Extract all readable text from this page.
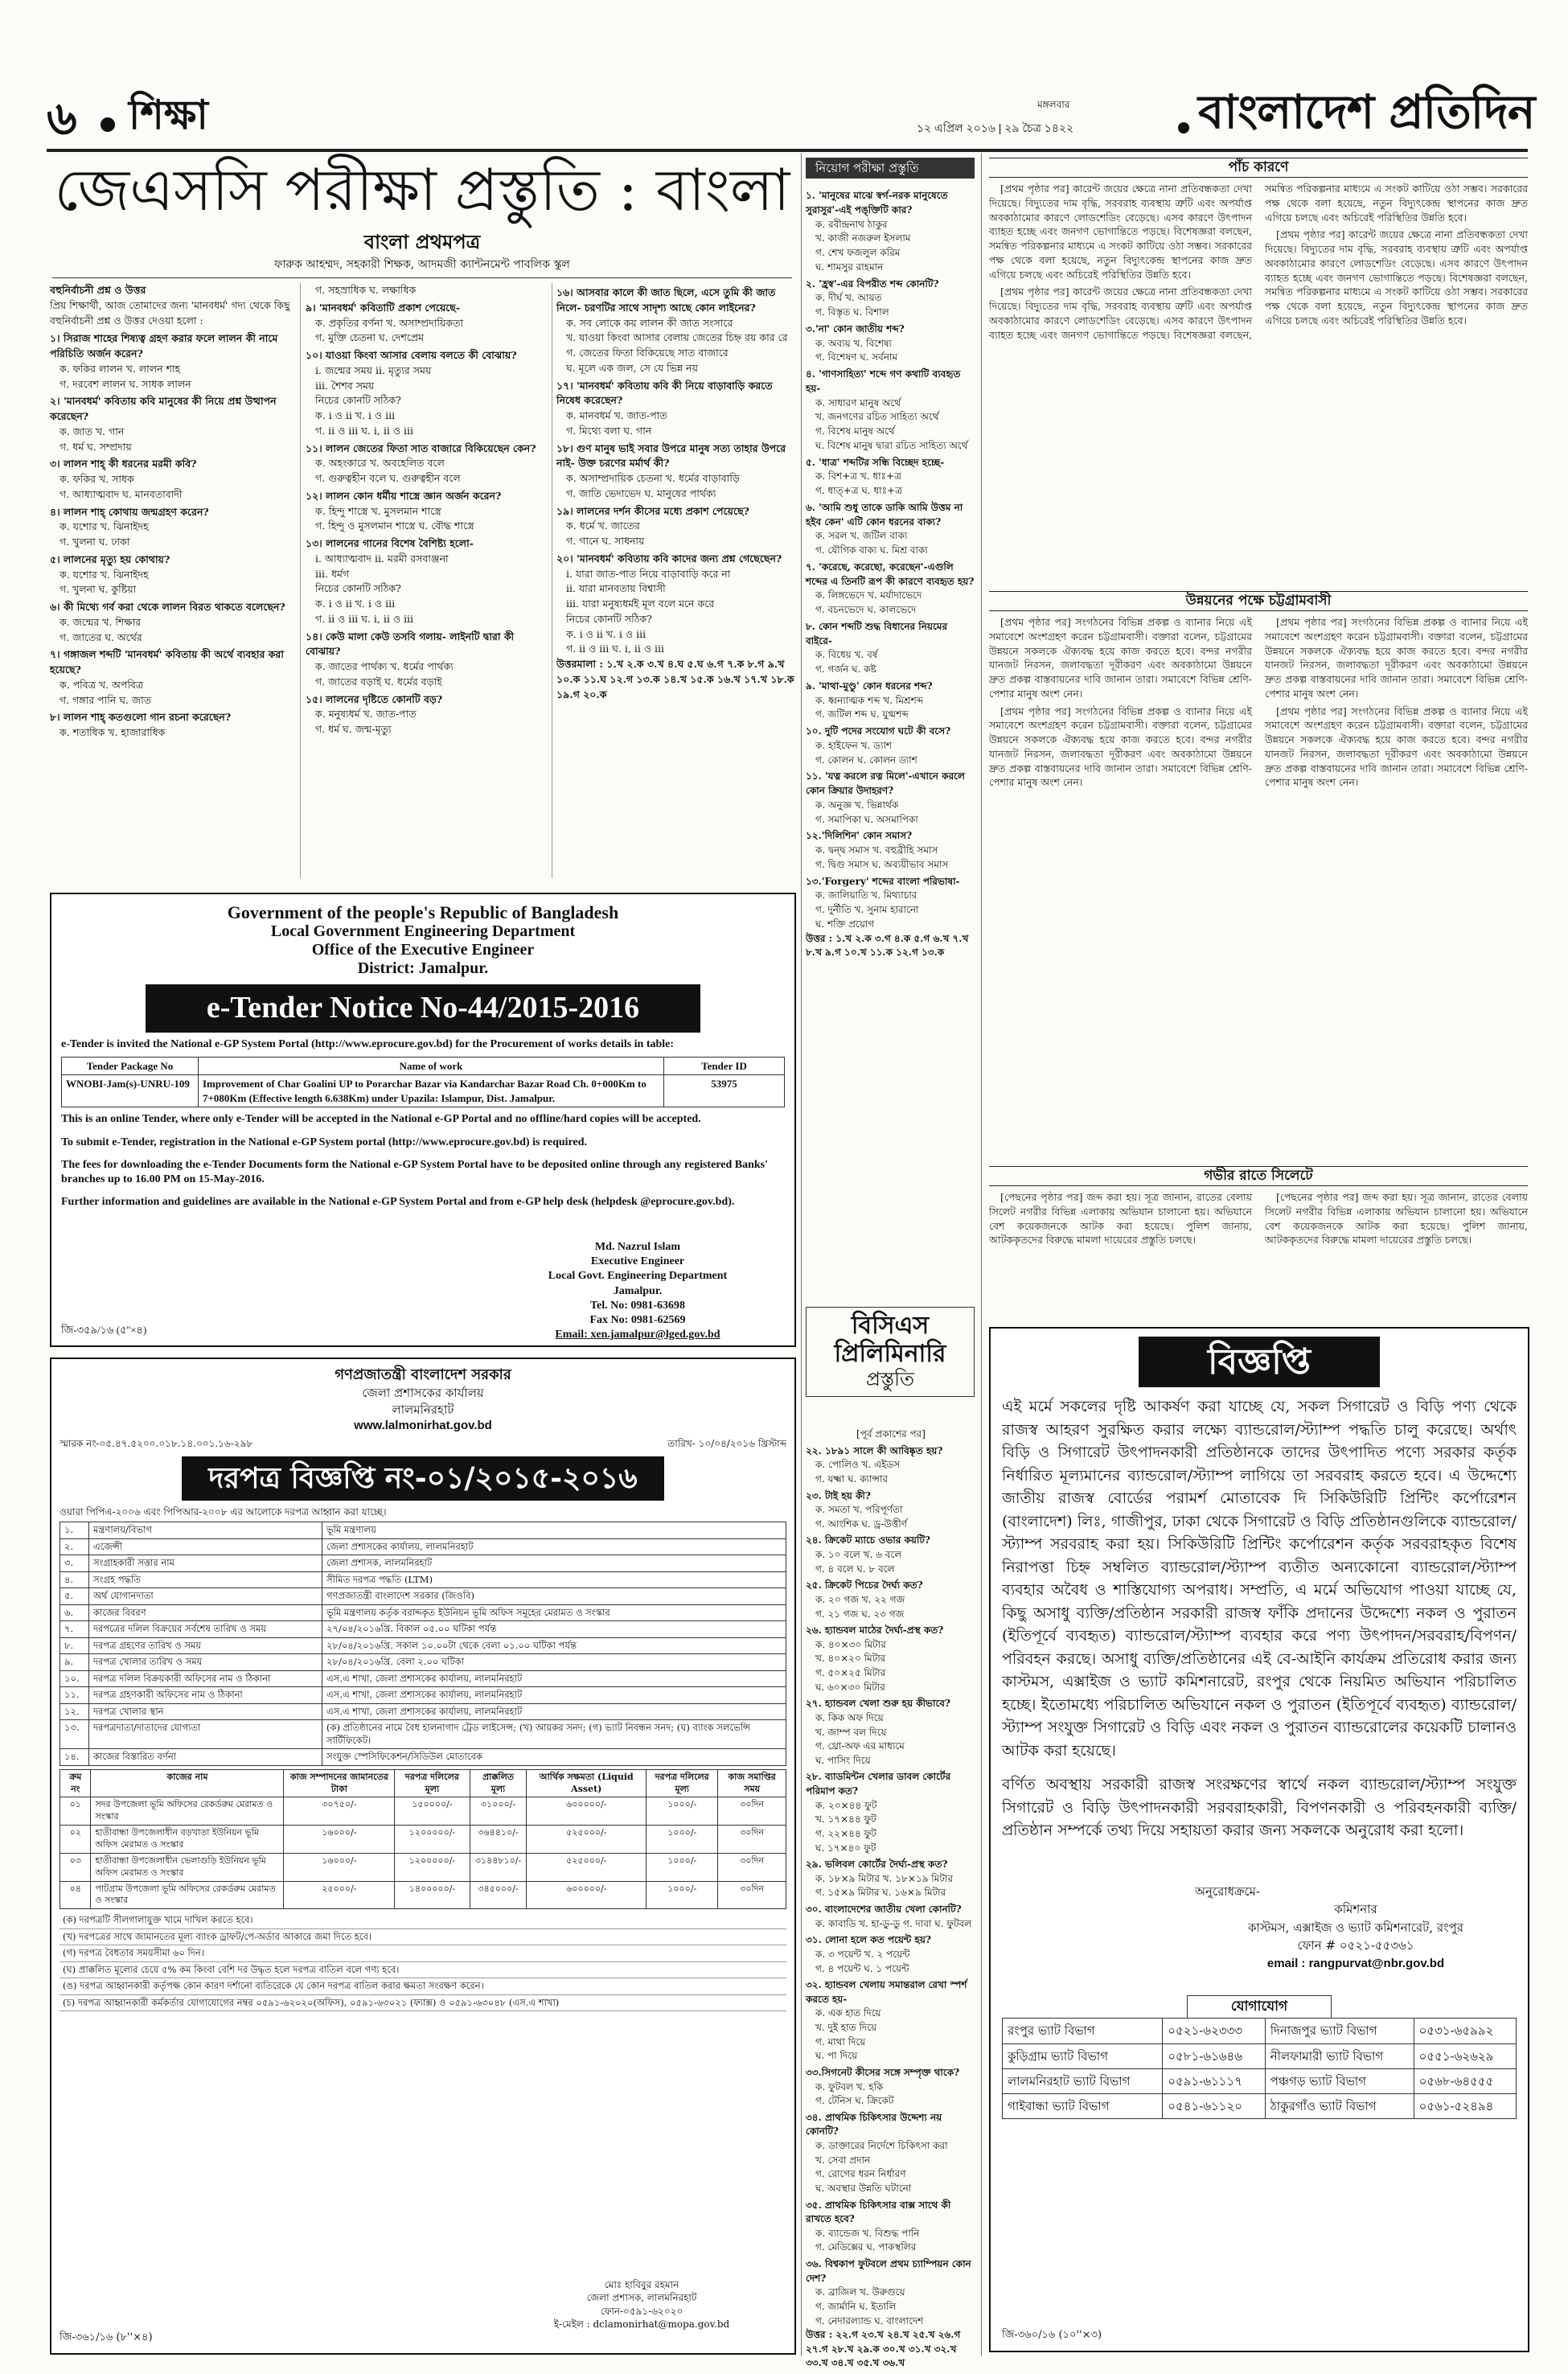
৬ শিক্ষা	মঙ্গলবার
১২ এপ্রিল ২০১৬ | ২৯ চৈত্র ১৪২২	বাংলাদেশ প্রতিদিন
জেএসসি পরীক্ষা প্রস্তুতি : বাংলা
বাংলা প্রথমপত্র
ফারুক আহম্মদ, সহকারী শিক্ষক, আদমজী ক্যান্টনমেন্ট পাবলিক স্কুল
বহুনির্বাচনী প্রশ্ন ও উত্তর
প্রিয় শিক্ষার্থী, আজ তোমাদের জন্য 'মানবধর্ম' গদ্য থেকে কিছু বহুনির্বাচনী প্রশ্ন ও উত্তর দেওয়া হলো :
১। সিরাজ শাহের শিষ্যত্ব গ্রহণ করার ফলে লালন কী নামে পরিচিতি অর্জন করেন?
ক. ফকির লালন খ. লালন শাহ
গ. দরবেশ লালন ঘ. সাধক লালন
২। 'মানবধর্ম' কবিতায় কবি মানুষের কী নিয়ে প্রশ্ন উত্থাপন করেছেন?
ক. জাত খ. গান
গ. ধর্ম ঘ. সম্প্রদায়
৩। লালন শাহ্ কী ধরনের মরমী কবি?
ক. ফকির খ. সাধক
গ. আধ্যাত্মবাদ ঘ. মানবতাবাদী
৪। লালন শাহ্ কোথায় জন্মগ্রহণ করেন?
ক. যশোর খ. ঝিনাইদহ
গ. খুলনা ঘ. ঢাকা
৫। লালনের মৃত্যু হয় কোথায়?
ক. যশোর খ. ঝিনাইদহ
গ. খুলনা ঘ. কুষ্টিয়া
৬। কী মিথ্যে গর্ব করা থেকে লালন বিরত থাকতে বলেছেন?
ক. জন্মের খ. শিক্ষার
গ. জাতের ঘ. অর্থের
৭। গঙ্গাজল শব্দটি 'মানবধর্ম' কবিতায় কী অর্থে ব্যবহার করা হয়েছে?
ক. পবিত্র খ. অপবিত্র
গ. গঙ্গার পানি ঘ. জাত
৮। লালন শাহ্ কতগুলো গান রচনা করেছেন?
ক. শতাধিক খ. হাজারাধিক
গ. সহস্রাধিক ঘ. লক্ষাধিক
৯। 'মানবধর্ম' কবিতাটি প্রকাশ পেয়েছে-
ক. প্রকৃতির বর্ণনা খ. অসাম্প্রদায়িকতা
গ. মুক্তি চেতনা ঘ. দেশপ্রেম
১০। যাওয়া কিংবা আসার বেলায় বলতে কী বোঝায়?
i. জন্মের সময় ii. মৃত্যুর সময়
iii. শৈশব সময়
নিচের কোনটি সঠিক?
ক. i ও ii খ. i ও iii
গ. ii ও iii ঘ. i, ii ও iii
১১। লালন জেতের ফিতা সাত বাজারে বিকিয়েছেন কেন?
ক. অহংকারে খ. অবহেলিত বলে
গ. গুরুত্বহীন বলে ঘ. গুরুত্বহীন বলে
১২। লালন কোন ধর্মীয় শাস্ত্রে জ্ঞান অর্জন করেন?
ক. হিন্দু শাস্ত্রে খ. মুসলমান শাস্ত্রে
গ. হিন্দু ও মুসলমান শাস্ত্রে ঘ. বৌদ্ধ শাস্ত্রে
১৩। লালনের গানের বিশেষ বৈশিষ্ট্য হলো-
i. আধ্যাত্মবাদ ii. মরমী রসবাঞ্জনা
iii. ধর্মগ
নিচের কোনটি সঠিক?
ক. i ও ii খ. i ও iii
গ. ii ও iii ঘ. i, ii ও iii
১৪। কেউ মালা কেউ তসবি গলায়- লাইনটি দ্বারা কী বোঝায়?
ক. জাতের পার্থক্য খ. ধর্মের পার্থক্য
গ. জাতের বড়াই ঘ. ধর্মের বড়াই
১৫। লালনের দৃষ্টিতে কোনটি বড়?
ক. মনুষ্যধর্ম খ. জাত-পাত
গ. ধর্ম ঘ. জন্ম-মৃত্যু
১৬। আসবার কালে কী জাত ছিলে, এসে তুমি কী জাত নিলে- চরণটির সাথে সাদৃশ্য আছে কোন লাইনের?
ক. সব লোকে কয় লালন কী জাত সংসারে
খ. যাওয়া কিংবা আসার বেলায় জেতের চিহ্ন রয় কার রে
গ. জেতের ফিতা বিকিয়েছে সাত বাজারে
ঘ. মূলে এক জল, সে যে ভিন্ন নয়
১৭। 'মানবধর্ম' কবিতায় কবি কী নিয়ে বাড়াবাড়ি করতে নিষেধ করেছেন?
ক. মানবধর্ম খ. জাত-পাত
গ. মিথ্যে বলা ঘ. গান
১৮। গুণ মানুষ ভাই সবার উপরে মানুষ সত্য তাহার উপরে নাই- উক্ত চরণের মর্মার্থ কী?
ক. অসাম্প্রদায়িক চেতনা খ. ধর্মের বাড়াবাড়ি
গ. জাতি ভেদাভেদ ঘ. মানুষের পার্থক্য
১৯। লালনের দর্শন কীসের মধ্যে প্রকাশ পেয়েছে?
ক. ধর্মে খ. জাতের
গ. গানে ঘ. সাধনায়
২০। 'মানবধর্ম' কবিতায় কবি কাদের জন্য প্রশ্ন গেছেছেন?
i. যারা জাত-পাত নিয়ে বাড়াবাড়ি করে না
ii. যারা মানবতায় বিশ্বাসী
iii. যারা মনুষ্যধর্মই মূল বলে মনে করে
নিচের কোনটি সঠিক?
ক. i ও ii খ. i ও iii
গ. ii ও iii ঘ. i, ii ও iii
উত্তরমালা : ১.খ ২.ক ৩.খ ৪.ঘ ৫.ঘ ৬.গ ৭.ক ৮.গ ৯.খ ১০.ক ১১.ঘ ১২.গ ১৩.ক ১৪.খ ১৫.ক ১৬.খ ১৭.খ ১৮.ক ১৯.গ ২০.ক
Government of the people's Republic of Bangladesh
Local Government Engineering Department
Office of the Executive Engineer
District: Jamalpur.
e-Tender Notice No-44/2015-2016
e-Tender is invited the National e-GP System Portal (http://www.eprocure.gov.bd) for the Procurement of works details in table:
Tender Package No	Name of work	Tender ID
WNOBI-Jam(s)-UNRU-109	Improvement of Char Goalini UP to Porarchar Bazar via Kandarchar Bazar Road Ch. 0+000Km to 7+080Km (Effective length 6.638Km) under Upazila: Islampur, Dist. Jamalpur.	53975
This is an online Tender, where only e-Tender will be accepted in the National e-GP Portal and no offline/hard copies will be accepted.
To submit e-Tender, registration in the National e-GP System portal (http://www.eprocure.gov.bd) is required.
The fees for downloading the e-Tender Documents form the National e-GP System Portal have to be deposited online through any registered Banks' branches up to 16.00 PM on 15-May-2016.
Further information and guidelines are available in the National e-GP System Portal and from e-GP help desk (helpdesk @eprocure.gov.bd).
Md. Nazrul Islam
Executive Engineer
Local Govt. Engineering Department
Jamalpur.
Tel. No: 0981-63698
Fax No: 0981-62569
Email: xen.jamalpur@lged.gov.bd
জি-৩৫৯/১৬ (৫''×৪)
গণপ্রজাতন্ত্রী বাংলাদেশ সরকার
জেলা প্রশাসকের কার্যালয়
লালমনিরহাট
www.lalmonirhat.gov.bd
স্মারক নং-০৫.৪৭.৫২০০.০১৮.১৪.০০১.১৬-২৯৮	তারিখ- ১০/০৪/২০১৬ খ্রিস্টাব্দ
দরপত্র বিজ্ঞপ্তি নং-০১/২০১৫-২০১৬
ওয়ারা পিপিএ-২০০৬ এবং পিপিআর-২০০৮ এর আলোকে দরপত্র আহ্বান করা যাচ্ছে।
১.	মন্ত্রণালয়/বিভাগ	ভূমি মন্ত্রণালয়
২.	এজেন্সী	জেলা প্রশাসকের কার্যালয়, লালমনিরহাট
৩.	সংগ্রাহকারী সত্তার নাম	জেলা প্রশাসক, লালমনিরহাট
৪.	সংগ্রহ পদ্ধতি	সীমিত দরপত্র পদ্ধতি (LTM)
৫.	অর্থ যোগানদাতা	গণপ্রজাতন্ত্রী বাংলাদেশ সরকার (জিওবি)
৬.	কাজের বিবরণ	ভূমি মন্ত্রণালয় কর্তৃক বরাদ্দকৃত ইউনিয়ন ভূমি অফিস সমূহের মেরামত ও সংস্কার
৭.	দরপত্রের দলিল বিক্রয়ের সর্বশেষ তারিখ ও সময়	২৭/০৪/২০১৬খ্রি. বিকাল ০৫.০০ ঘটিকা পর্যন্ত
৮.	দরপত্র গ্রহণের তারিখ ও সময়	২৮/০৪/২০১৬খ্রি. সকাল ১০.০০টা থেকে বেলা ০১.০০ ঘটিকা পর্যন্ত
৯.	দরপত্র খোলার তারিখ ও সময়	২৮/০৪/২০১৬খ্রি. বেলা ২.০০ ঘটিকা
১০.	দরপত্র দলিল বিক্রয়কারী অফিসের নাম ও ঠিকানা	এস.এ শাখা, জেলা প্রশাসকের কার্যালয়, লালমনিরহাট
১১.	দরপত্র গ্রহণকারী অফিসের নাম ও ঠিকানা	এস.এ শাখা, জেলা প্রশাসকের কার্যালয়, লালমনিরহাট
১২.	দরপত্র খোলার স্থান	এস.এ শাখা, জেলা প্রশাসকের কার্যালয়, লালমনিরহাট
১৩.	দরপত্রদাতা/দাতাদের যোগ্যতা	(ক) প্রতিষ্ঠানের নামে বৈধ হালনাগাদ ট্রেড লাইসেন্স; (খ) আয়কর সনদ; (গ) ভ্যাট নিবন্ধন সনদ; (ঘ) ব্যাংক সলভেন্সি সার্টিফিকেট।
১৪.	কাজের বিস্তারিত বর্ণনা	সংযুক্ত স্পেসিফিকেশন/সিডিউল মোতাবেক
ক্রম নং	কাজের নাম	কাজ সম্পাদনের জামানতের টাকা	দরপত্র দলিলের মূল্য	প্রাক্কলিত মূল্য	আর্থিক সক্ষমতা (Liquid Asset)	দরপত্র দলিলের মূল্য	কাজ সমাপ্তির সময়
০১	সদর উপজেলা ভূমি অফিসের রেকর্ডরুম মেরামত ও সংস্কার	৩০৭৫০/-	১৫০০০০/-	৩১০০০/-	৬০০০০০/-	১০০০/-	৩০দিন
০২	হাতীবান্ধা উপজেলাধীন বড়খাতা ইউনিয়ন ভূমি অফিস মেরামত ও সংস্কার	১৬০০০/-	১২০০০০০/-	৩৬৪৪১০/-	৫২৫০০০/-	১০০০/-	৩০দিন
০৩	হাতীবান্ধা উপজেলাধীন ভেলাগুড়ি ইউনিয়ন ভূমি অফিস মেরামত ও সংস্কার	১৬০০০/-	১২০০০০০/-	৩১৪৪৮১০/-	৫২৫০০০/-	১০০০/-	৩০দিন
০৪	পাটগ্রাম উপজেলা ভূমি অফিসের রেকর্ডরুম মেরামত ও সংস্কার	২৫০০০/-	১৪০০০০০/-	৩৪৫০০০/-	৬০০০০০/-	১০০০/-	৩০দিন
(ক) দরপত্রটি সীলগালাযুক্ত খামে দাখিল করতে হবে।
(খ) দরপত্রের সাথে জামানতের মূল্য ব্যাংক ড্রাফট/পে-অর্ডার আকারে জমা দিতে হবে।
(গ) দরপত্র বৈধতার সময়সীমা ৬০ দিন।
(ঘ) প্রাক্কলিত মূল্যের চেয়ে ৫% কম কিংবা বেশি দর উদ্ধৃত হলে দরপত্র বাতিল বলে গণ্য হবে।
(ঙ) দরপত্র আহ্বানকারী কর্তৃপক্ষ কোন কারণ দর্শানো ব্যতিরেকে যে কোন দরপত্র বাতিল করার ক্ষমতা সংরক্ষণ করেন।
(চ) দরপত্র আহ্বানকারী কর্মকর্তার যোগাযোগের নম্বর ০৫৯১-৬২০২০(অফিস), ০৫৯১-৬৩০২১ (ফ্যাক্স) ও ০৫৯১-৬৩০৪৮ (এস.এ শাখা)
মোঃ হাবিবুর রহমান
জেলা প্রশাসক, লালমনিরহাট
ফোন-০৫৯১-৬২০২০
ই-মেইল : dclamonirhat@mopa.gov.bd
জি-৩৬১/১৬ (৮''×৪)
নিয়োগ পরীক্ষা প্রস্তুতি
১. 'মানুষের মাঝে স্বর্গ-নরক মানুষেতে সুরাসুর'-এই পঙ্‌ক্তিটি কার?
ক. রবীন্দ্রনাথ ঠাকুর
খ. কাজী নজরুল ইসলাম
গ. শেখ ফজলুল করিম
ঘ. শামসুর রাহমান
২. 'হ্রস্ব'-এর বিপরীত শব্দ কোনটি?
ক. দীর্ঘ খ. আয়ত
গ. বিস্তৃত ঘ. বিশাল
৩.'না' কোন জাতীয় শব্দ?
ক. অব্যয় খ. বিশেষ্য
গ. বিশেষণ ঘ. সর্বনাম
৪. 'গাণসাহিত্য' শব্দে গণ কথাটি ব্যবহৃত হয়-
ক. সাধারণ মানুষ অর্থে
খ. জনগণের রচিত সাহিত্য অর্থে
গ. বিশেষ মানুষ অর্থে
ঘ. বিশেষ মানুষ দ্বারা রচিত সাহিত্য অর্থে
৫. 'ধাত্র' শব্দটির সন্ধি বিচ্ছেদ হচ্ছে-
ক. বিশ+ত্র খ. ধাঃ+ত্র
গ. ধাত্+ত্র ঘ. ধাঃ+ত্র
৬. 'আমি শুধু তাকে ডাকি আমি উত্তম না হইব কেন' এটি কোন ধরনের বাক্য?
ক. সরল খ. জটিল বাক্য
গ. যৌগিক বাক্য ঘ. মিশ্র বাক্য
৭. 'করেছে, করেছো, করেছেন'-এগুলি শব্দের এ তিনটি রূপ কী কারণে ব্যবহৃত হয়?
ক. লিঙ্গভেদে খ. মর্যাদাভেদে
গ. বচনভেদে ঘ. কালভেদে
৮. কোন শব্দটি শুদ্ধ বিধানের নিয়মের বাইরে-
ক. বিধেয় খ. বর্ষ
গ. গর্জন ঘ. কষ্ট
৯. 'মাথা-মুণ্ডু' কোন ধরনের শব্দ?
ক. ধ্বন্যাত্মক শব্দ খ. মিশ্রশব্দ
গ. জটিল শব্দ ঘ. যুগ্মশব্দ
১০. দুটি পদের সংযোগ ঘটে কী বসে?
ক. হাইফেন খ. ড্যাশ
গ. কোলন ঘ. কোলন ড্যাশ
১১. 'যত্ন করলে রত্ন মিলে'-এখানে করলে কোন ক্রিয়ার উদাহরণ?
ক. অনুজ্ঞ খ. ভিন্নার্থক
গ. সমাপিকা ঘ. অসমাপিকা
১২.'দিলিশিন' কোন সমাস?
ক. দ্বন্দ্ব সমাস খ. বহুব্রীহি সমাস
গ. দ্বিগু সমাস ঘ. অব্যয়ীভাব সমাস
১৩.'Forgery' শব্দের বাংলা পরিভাষা-
ক. জালিয়াতি খ. মিথ্যাচার
গ. দুর্নীতি খ. সুনাম হারানো
ঘ. শক্তি প্রয়োগ
উত্তর : ১.খ ২.ক ৩.গ ৪.ক ৫.গ ৬.খ ৭.খ ৮.খ ৯.গ ১০.খ ১১.ক ১২.গ ১৩.ক
বিসিএস
প্রিলিমিনারি
প্রস্তুতি
[পূর্ব প্রকাশের পর]
২২. ১৮৯১ সালে কী আবিষ্কৃত হয়?
ক. পোলিও খ. এইডস
গ. যক্ষ্মা ঘ. ক্যান্সার
২৩. টাই হয় কী?
ক. সমতা খ. পরিপূর্ণতা
গ. আংশিক ঘ. ড্র-উত্তীর্ণ
২৪. ক্রিকেট ম্যাচে ওভার কয়টি?
ক. ১০ বলে খ. ৬ বলে
গ. ৪ বলে ঘ. ৮ বলে
২৫. ক্রিকেট পিচের দৈর্ঘ্য কত?
ক. ২০ গজ খ. ২২ গজ
গ. ২১ গজ ঘ. ২৩ গজ
২৬. হ্যান্ডবল মাঠের দৈর্ঘ্য-প্রস্থ কত?
ক. ৪০×৩০ মিটার
খ. ৪০×২০ মিটার
গ. ৫০×২৫ মিটার
ঘ. ৬০×৩০ মিটার
২৭. হ্যান্ডবল খেলা শুরু হয় কীভাবে?
ক. কিক অফ দিয়ে
খ. জাম্প বল দিয়ে
গ. থ্রো-অফ এর মাধ্যমে
ঘ. পাসিং দিয়ে
২৮. ব্যাডমিন্টন খেলার ডাবল কোর্টের পরিমাপ কত?
ক. ২০×৪৪ ফুট
খ. ১৭×৪৪ ফুট
গ. ২২×৪৪ ফুট
ঘ. ১৭×৪০ ফুট
২৯. ভলিবল কোর্টের দৈর্ঘ্য-প্রস্থ কত?
ক. ১৮×৯ মিটার খ. ১৮×১৯ মিটার
গ. ১৫×৯ মিটার ঘ. ১৬×৯ মিটার
৩০. বাংলাদেশের জাতীয় খেলা কোনটি?
ক. কাবাডি খ. হা-ডু-ডু গ. দাবা ঘ. ফুটবল
৩১. লোনা হলে কত পয়েন্ট হয়?
ক. ৩ পয়েন্ট খ. ২ পয়েন্ট
গ. ৪ পয়েন্ট ঘ. ১ পয়েন্ট
৩২. হ্যান্ডবল খেলায় সমান্তরাল রেখা স্পর্শ করতে হয়-
ক. এক হাত দিয়ে
খ. দুই হাত দিয়ে
গ. মাথা দিয়ে
ঘ. পা দিয়ে
৩৩.সিগনেট কীসের সঙ্গে সম্পৃক্ত থাকে?
ক. ফুটবল খ. হকি
গ. টেনিস ঘ. ক্রিকেট
৩৪. প্রাথমিক চিকিৎসার উদ্দেশ্য নয় কোনটি?
ক. ডাক্তারের নির্দেশে চিকিৎসা করা
খ. সেবা প্রদান
গ. রোগের ধরন নির্ধারণ
ঘ. অবস্থার উন্নতি ঘটানো
৩৫. প্রাথমিক চিকিৎসার বাক্স সাথে কী রাখতে হবে?
ক. ব্যান্ডেজ খ. বিশুদ্ধ পানি
গ. মেডিক্সের ঘ. পাকস্থলির
৩৬. বিশ্বকাপ ফুটবলে প্রথম চ্যাম্পিয়ন কোন দেশ?
ক. ব্রাজিল খ. উরুগুয়ে
গ. জার্মানি ঘ. ইতালি
গ. নেদারল্যান্ড ঘ. বাংলাদেশ
উত্তর : ২২.গ ২৩.খ ২৪.খ ২৫.খ ২৬.গ ২৭.গ ২৮.খ ২৯.ক ৩০.খ ৩১.খ ৩২.খ ৩৩.খ ৩৪.খ ৩৫.খ ৩৬.খ
পাঁচ কারণে

[প্রথম পৃষ্ঠার পর] কারেন্ট জয়ের ক্ষেত্রে নানা প্রতিবন্ধকতা দেখা দিয়েছে। বিদ্যুতের দাম বৃদ্ধি, সরবরাহ ব্যবস্থায় ত্রুটি এবং অপর্যাপ্ত অবকাঠামোর কারণে লোডশেডিং বেড়েছে। এসব কারণে উৎপাদন ব্যাহত হচ্ছে এবং জনগণ ভোগান্তিতে পড়ছে। বিশেষজ্ঞরা বলছেন, সমন্বিত পরিকল্পনার মাধ্যমে এ সংকট কাটিয়ে ওঠা সম্ভব। সরকারের পক্ষ থেকে বলা হয়েছে, নতুন বিদ্যুৎকেন্দ্র স্থাপনের কাজ দ্রুত এগিয়ে চলছে এবং অচিরেই পরিস্থিতির উন্নতি হবে।

[প্রথম পৃষ্ঠার পর] কারেন্ট জয়ের ক্ষেত্রে নানা প্রতিবন্ধকতা দেখা দিয়েছে। বিদ্যুতের দাম বৃদ্ধি, সরবরাহ ব্যবস্থায় ত্রুটি এবং অপর্যাপ্ত অবকাঠামোর কারণে লোডশেডিং বেড়েছে। এসব কারণে উৎপাদন ব্যাহত হচ্ছে এবং জনগণ ভোগান্তিতে পড়ছে। বিশেষজ্ঞরা বলছেন, সমন্বিত পরিকল্পনার মাধ্যমে এ সংকট কাটিয়ে ওঠা সম্ভব। সরকারের পক্ষ থেকে বলা হয়েছে, নতুন বিদ্যুৎকেন্দ্র স্থাপনের কাজ দ্রুত এগিয়ে চলছে এবং অচিরেই পরিস্থিতির উন্নতি হবে।

[প্রথম পৃষ্ঠার পর] কারেন্ট জয়ের ক্ষেত্রে নানা প্রতিবন্ধকতা দেখা দিয়েছে। বিদ্যুতের দাম বৃদ্ধি, সরবরাহ ব্যবস্থায় ত্রুটি এবং অপর্যাপ্ত অবকাঠামোর কারণে লোডশেডিং বেড়েছে। এসব কারণে উৎপাদন ব্যাহত হচ্ছে এবং জনগণ ভোগান্তিতে পড়ছে। বিশেষজ্ঞরা বলছেন, সমন্বিত পরিকল্পনার মাধ্যমে এ সংকট কাটিয়ে ওঠা সম্ভব। সরকারের পক্ষ থেকে বলা হয়েছে, নতুন বিদ্যুৎকেন্দ্র স্থাপনের কাজ দ্রুত এগিয়ে চলছে এবং অচিরেই পরিস্থিতির উন্নতি হবে।

উন্নয়নের পক্ষে চট্টগ্রামবাসী

[প্রথম পৃষ্ঠার পর] সংগঠনের বিভিন্ন প্রকল্প ও ব্যানার নিয়ে এই সমাবেশে অংশগ্রহণ করেন চট্টগ্রামবাসী। বক্তারা বলেন, চট্টগ্রামের উন্নয়নে সকলকে ঐক্যবদ্ধ হয়ে কাজ করতে হবে। বন্দর নগরীর যানজট নিরসন, জলাবদ্ধতা দূরীকরণ এবং অবকাঠামো উন্নয়নে দ্রুত প্রকল্প বাস্তবায়নের দাবি জানান তারা। সমাবেশে বিভিন্ন শ্রেণি-পেশার মানুষ অংশ নেন।

[প্রথম পৃষ্ঠার পর] সংগঠনের বিভিন্ন প্রকল্প ও ব্যানার নিয়ে এই সমাবেশে অংশগ্রহণ করেন চট্টগ্রামবাসী। বক্তারা বলেন, চট্টগ্রামের উন্নয়নে সকলকে ঐক্যবদ্ধ হয়ে কাজ করতে হবে। বন্দর নগরীর যানজট নিরসন, জলাবদ্ধতা দূরীকরণ এবং অবকাঠামো উন্নয়নে দ্রুত প্রকল্প বাস্তবায়নের দাবি জানান তারা। সমাবেশে বিভিন্ন শ্রেণি-পেশার মানুষ অংশ নেন।

[প্রথম পৃষ্ঠার পর] সংগঠনের বিভিন্ন প্রকল্প ও ব্যানার নিয়ে এই সমাবেশে অংশগ্রহণ করেন চট্টগ্রামবাসী। বক্তারা বলেন, চট্টগ্রামের উন্নয়নে সকলকে ঐক্যবদ্ধ হয়ে কাজ করতে হবে। বন্দর নগরীর যানজট নিরসন, জলাবদ্ধতা দূরীকরণ এবং অবকাঠামো উন্নয়নে দ্রুত প্রকল্প বাস্তবায়নের দাবি জানান তারা। সমাবেশে বিভিন্ন শ্রেণি-পেশার মানুষ অংশ নেন।

[প্রথম পৃষ্ঠার পর] সংগঠনের বিভিন্ন প্রকল্প ও ব্যানার নিয়ে এই সমাবেশে অংশগ্রহণ করেন চট্টগ্রামবাসী। বক্তারা বলেন, চট্টগ্রামের উন্নয়নে সকলকে ঐক্যবদ্ধ হয়ে কাজ করতে হবে। বন্দর নগরীর যানজট নিরসন, জলাবদ্ধতা দূরীকরণ এবং অবকাঠামো উন্নয়নে দ্রুত প্রকল্প বাস্তবায়নের দাবি জানান তারা। সমাবেশে বিভিন্ন শ্রেণি-পেশার মানুষ অংশ নেন।

গভীর রাতে সিলেটে

[পেছনের পৃষ্ঠার পর] জব্দ করা হয়। সূত্র জানান, রাতের বেলায় সিলেট নগরীর বিভিন্ন এলাকায় অভিযান চালানো হয়। অভিযানে বেশ কয়েকজনকে আটক করা হয়েছে। পুলিশ জানায়, আটককৃতদের বিরুদ্ধে মামলা দায়েরের প্রস্তুতি চলছে।

[পেছনের পৃষ্ঠার পর] জব্দ করা হয়। সূত্র জানান, রাতের বেলায় সিলেট নগরীর বিভিন্ন এলাকায় অভিযান চালানো হয়। অভিযানে বেশ কয়েকজনকে আটক করা হয়েছে। পুলিশ জানায়, আটককৃতদের বিরুদ্ধে মামলা দায়েরের প্রস্তুতি চলছে।

বিজ্ঞপ্তি
এই মর্মে সকলের দৃষ্টি আকর্ষণ করা যাচ্ছে যে, সকল সিগারেট ও বিড়ি পণ্য থেকে রাজস্ব আহরণ সুরক্ষিত করার লক্ষ্যে ব্যান্ডরোল/স্ট্যাম্প পদ্ধতি চালু করেছে। অর্থাৎ বিড়ি ও সিগারেট উৎপাদনকারী প্রতিষ্ঠানকে তাদের উৎপাদিত পণ্যে সরকার কর্তৃক নির্ধারিত মূল্যমানের ব্যান্ডরোল/স্ট্যাম্প লাগিয়ে তা সরবরাহ করতে হবে। এ উদ্দেশ্যে জাতীয় রাজস্ব বোর্ডের পরামর্শ মোতাবেক দি সিকিউরিটি প্রিন্টিং কর্পোরেশন (বাংলাদেশ) লিঃ, গাজীপুর, ঢাকা থেকে সিগারেট ও বিড়ি প্রতিষ্ঠানগুলিকে ব্যান্ডরোল/স্ট্যাম্প সরবরাহ করা হয়। সিকিউরিটি প্রিন্টিং কর্পোরেশন কর্তৃক সরবরাহকৃত বিশেষ নিরাপত্তা চিহ্ন সম্বলিত ব্যান্ডরোল/স্ট্যাম্প ব্যতীত অন্যকোনো ব্যান্ডরোল/স্ট্যাম্প ব্যবহার অবৈধ ও শাস্তিযোগ্য অপরাধ। সম্প্রতি, এ মর্মে অভিযোগ পাওয়া যাচ্ছে যে, কিছু অসাধু ব্যক্তি/প্রতিষ্ঠান সরকারী রাজস্ব ফাঁকি প্রদানের উদ্দেশ্যে নকল ও পুরাতন (ইতিপূর্বে ব্যবহৃত) ব্যান্ডরোল/স্ট্যাম্প ব্যবহার করে পণ্য উৎপাদন/সরবরাহ/বিপণন/পরিবহন করছে। অসাধু ব্যক্তি/প্রতিষ্ঠানের এই বে-আইনি কার্যক্রম প্রতিরোধ করার জন্য কাস্টমস, এক্সাইজ ও ভ্যাট কমিশনারেট, রংপুর থেকে নিয়মিত অভিযান পরিচালিত হচ্ছে। ইতোমধ্যে পরিচালিত অভিযানে নকল ও পুরাতন (ইতিপূর্বে ব্যবহৃত) ব্যান্ডরোল/স্ট্যাম্প সংযুক্ত সিগারেট ও বিড়ি এবং নকল ও পুরাতন ব্যান্ডরোলের কয়েকটি চালানও আটক করা হয়েছে।
বর্ণিত অবস্থায় সরকারী রাজস্ব সংরক্ষণের স্বার্থে নকল ব্যান্ডরোল/স্ট্যাম্প সংযুক্ত সিগারেট ও বিড়ি উৎপাদনকারী সরবরাহকারী, বিপণনকারী ও পরিবহনকারী ব্যক্তি/প্রতিষ্ঠান সম্পর্কে তথ্য দিয়ে সহায়তা করার জন্য সকলকে অনুরোধ করা হলো।
অনুরোধক্রমে-
কমিশনার
কাস্টমস, এক্সাইজ ও ভ্যাট কমিশনারেট, রংপুর
ফোন # ০৫২১-৫৫৩৬১
email : rangpurvat@nbr.gov.bd
যোগাযোগ
রংপুর ভ্যাট বিভাগ	০৫২১-৬২৩৩৩	দিনাজপুর ভ্যাট বিভাগ	০৫৩১-৬৫৯৯২
কুড়িগ্রাম ভ্যাট বিভাগ	০৫৮১-৬১৬৪৬	নীলফামারী ভ্যাট বিভাগ	০৫৫১-৬২৬২৯
লালমনিরহাট ভ্যাট বিভাগ	০৫৯১-৬১১১৭	পঞ্চগড় ভ্যাট বিভাগ	০৫৬৮-৬৪৫৫৫
গাইবান্ধা ভ্যাট বিভাগ	০৫৪১-৬১১২০	ঠাকুরগাঁও ভ্যাট বিভাগ	০৫৬১-৫২৪৯৪
জি-৩৬০/১৬ (১০''×৩)
